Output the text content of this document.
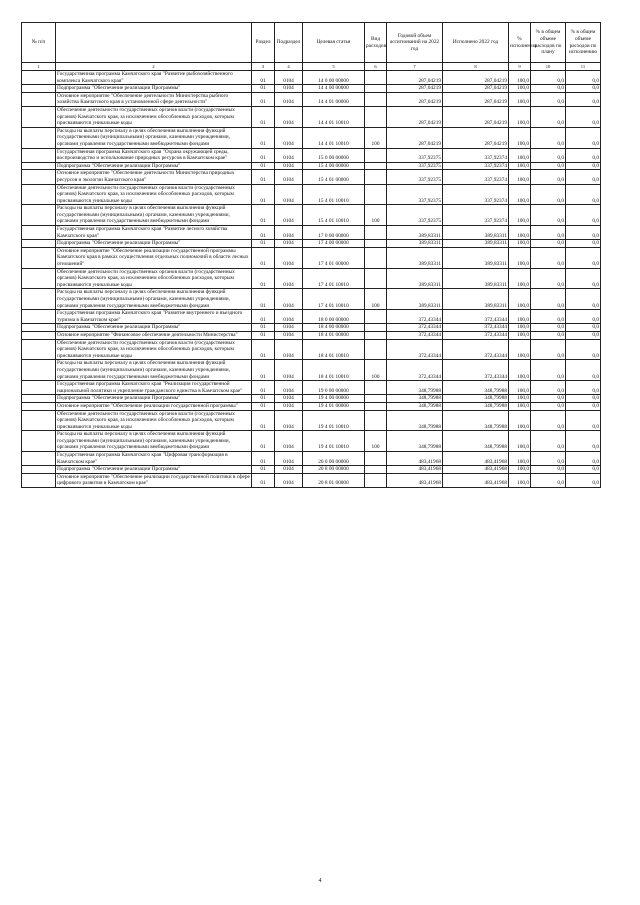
№ п/п		Раздел	Подраздел	Целевая статья	Вид расходов	Годовой объем ассигнований на 2022 год	Исполнено 2022 год	% исполнения	% в общем объеме расходов по плану	% в общем объеме расходов по исполнению
1	2	3	4	5	6	7	8	9	10	11
	Государственная программа Камчатского края "Развитие рыбохозяйственного комплекса Камчатского края"	01	0104	14 0 00 00000		287,04219	287,04219	100,0	0,0	0,0
	Подпрограмма "Обеспечение реализации Программы"	01	0104	14 4 00 00000		287,04219	287,04219	100,0	0,0	0,0
	Основное мероприятие "Обеспечение деятельности Министерства рыбного хозяйства Камчатского края в установленной сфере деятельности"	01	0104	14 4 01 00000		287,04219	287,04219	100,0	0,0	0,0
	Обеспечение деятельности государственных органов власти (государственных органов) Камчатского края, за исключением обособленных расходов, которым присваиваются уникальные коды	01	0104	14 4 01 10010		287,04219	287,04219	100,0	0,0	0,0
	Расходы на выплаты персоналу в целях обеспечения выполнения функций государственными (муниципальными) органами, казенными учреждениями, органами управления государственными внебюджетными фондами	01	0104	14 4 01 10010	100	287,04219	287,04219	100,0	0,0	0,0
	Государственная программа Камчатского края "Охрана окружающей среды, воспроизводство и использование природных ресурсов в Камчатском крае"	01	0104	15 0 00 00000		337,92375	337,92374	100,0	0,0	0,0
	Подпрограмма "Обеспечение реализации Программы"	01	0104	15 4 00 00000		337,92375	337,92374	100,0	0,0	0,0
	Основное мероприятие "Обеспечение деятельности Министерства природных ресурсов и экологии Камчатского края"	01	0104	15 4 01 00000		337,92375	337,92374	100,0	0,0	0,0
	Обеспечение деятельности государственных органов власти (государственных органов) Камчатского края, за исключением обособленных расходов, которым присваиваются уникальные коды	01	0104	15 4 01 10010		337,92375	337,92374	100,0	0,0	0,0
	Расходы на выплаты персоналу в целях обеспечения выполнения функций государственными (муниципальными) органами, казенными учреждениями, органами управления государственными внебюджетными фондами	01	0104	15 4 01 10010	100	337,92375	337,92374	100,0	0,0	0,0
	Государственная программа Камчатского края "Развитие лесного хозяйства Камчатского края"	01	0104	17 0 00 00000		389,83311	389,83311	100,0	0,0	0,0
	Подпрограмма "Обеспечение реализации Программы"	01	0104	17 4 00 00000		389,83311	389,83311	100,0	0,0	0,0
	Основное мероприятие "Обеспечение реализации государственной программы Камчатского края в рамках осуществления отдельных полномочий в области лесных отношений"	01	0104	17 4 01 00000		389,83311	389,83311	100,0	0,0	0,0
	Обеспечение деятельности государственных органов власти (государственных органов) Камчатского края, за исключением обособленных расходов, которым присваиваются уникальные коды	01	0104	17 4 01 10010		389,83311	389,83311	100,0	0,0	0,0
	Расходы на выплаты персоналу в целях обеспечения выполнения функций государственными (муниципальными) органами, казенными учреждениями, органами управления государственными внебюджетными фондами	01	0104	17 4 01 10010	100	389,83311	389,83311	100,0	0,0	0,0
	Государственная программа Камчатского края "Развитие внутреннего и въездного туризма в Камчатском крае"	01	0104	18 0 00 00000		372,43344	372,43344	100,0	0,0	0,0
	Подпрограмма "Обеспечение реализации Программы"	01	0104	18 4 00 00000		372,43344	372,43344	100,0	0,0	0,0
	Основное мероприятие "Финансовое обеспечение деятельности Министерства"	01	0104	18 4 01 00000		372,43344	372,43344	100,0	0,0	0,0
	Обеспечение деятельности государственных органов власти (государственных органов) Камчатского края, за исключением обособленных расходов, которым присваиваются уникальные коды	01	0104	18 4 01 10010		372,43344	372,43344	100,0	0,0	0,0
	Расходы на выплаты персоналу в целях обеспечения выполнения функций государственными (муниципальными) органами, казенными учреждениями, органами управления государственными внебюджетными фондами	01	0104	18 4 01 10010	100	372,43344	372,43344	100,0	0,0	0,0
	Государственная программа Камчатского края "Реализация государственной национальной политики и укрепление гражданского единства в Камчатском крае"	01	0104	19 0 00 00000		348,79988	348,79988	100,0	0,0	0,0
	Подпрограмма "Обеспечение реализации Программы"	01	0104	19 4 00 00000		348,79988	348,79988	100,0	0,0	0,0
	Основное мероприятие "Обеспечение реализации государственной программы"	01	0104	19 4 01 00000		348,79988	348,79988	100,0	0,0	0,0
	Обеспечение деятельности государственных органов власти (государственных органов) Камчатского края, за исключением обособленных расходов, которым присваиваются уникальные коды	01	0104	19 4 01 10010		348,79988	348,79988	100,0	0,0	0,0
	Расходы на выплаты персоналу в целях обеспечения выполнения функций государственными (муниципальными) органами, казенными учреждениями, органами управления государственными внебюджетными фондами	01	0104	19 4 01 10010	100	348,79988	348,79988	100,0	0,0	0,0
	Государственная программа Камчатского края "Цифровая трансформация в Камчатском крае"	01	0104	20 0 00 00000		483,41968	483,41968	100,0	0,0	0,0
	Подпрограмма "Обеспечение реализации Программы"	01	0104	20 8 00 00000		483,41968	483,41968	100,0	0,0	0,0
	Основное мероприятие "Обеспечение реализации государственной политики в сфере цифрового развития в Камчатском крае"	01	0104	20 8 01 00000		483,41968	483,41968	100,0	0,0	0,0
4
